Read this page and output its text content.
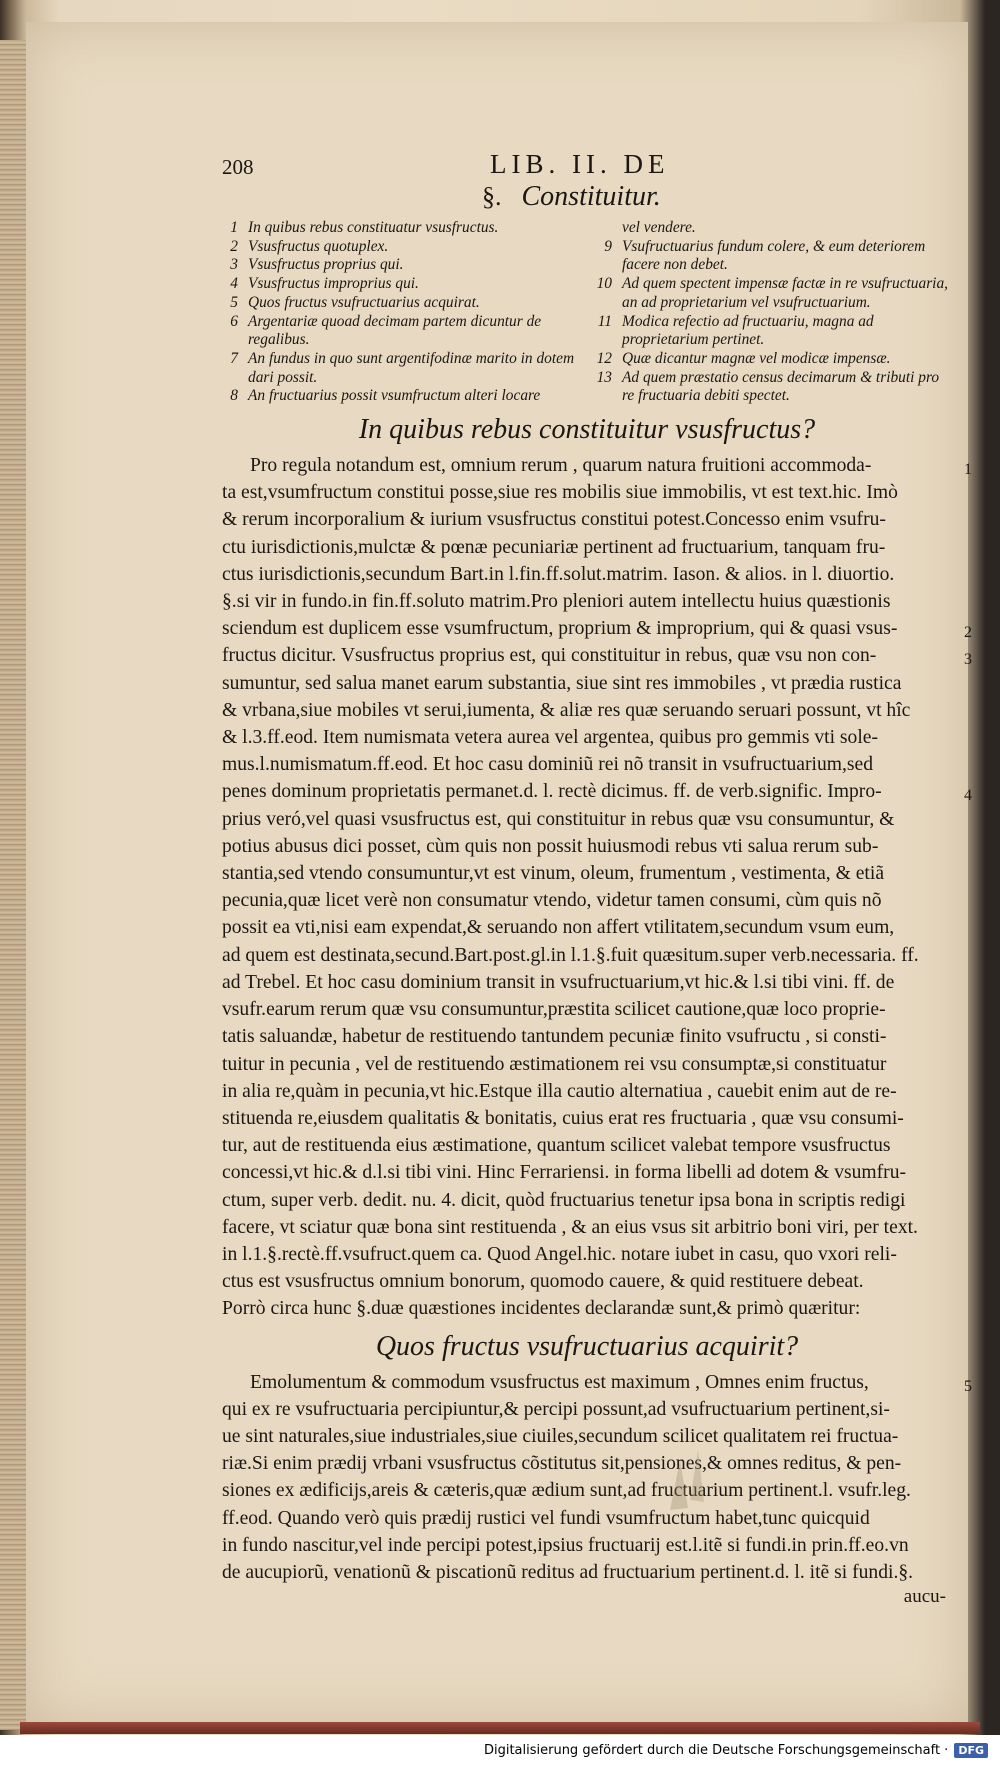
208	LIB. II. DE
§. Constituitur.
1 In quibus rebus constituatur vsusfructus.
2 Vsusfructus quotuplex.
3 Vsusfructus proprius qui.
4 Vsusfructus improprius qui.
5 Quos fructus vsufructuarius acquirat.
6 Argentariæ quoad decimam partem dicuntur de regalibus.
7 An fundus in quo sunt argentifodinæ marito in dotem dari possit.
8 An fructuarius possit vsumfructum alteri locare
vel vendere.
9 Vsufructuarius fundum colere, & eum deteriorem facere non debet.
10 Ad quem spectent impensæ factæ in re vsufructuaria, an ad proprietarium vel vsufructuarium.
11 Modica refectio ad fructuariu, magna ad proprietarium pertinet.
12 Quæ dicantur magnæ vel modicæ impensæ.
13 Ad quem præstatio census decimarum & tributi pro re fructuaria debiti spectet.
In quibus rebus constituitur vsusfructus?
1
2
3
4
Pro regula notandum est, omnium rerum , quarum natura fruitioni accommoda-
ta est,vsumfructum constitui posse,siue res mobilis siue immobilis, vt est text.hic. Imò
& rerum incorporalium & iurium vsusfructus constitui potest.Concesso enim vsufru-
ctu iurisdictionis,mulctæ & pœnæ pecuniariæ pertinent ad fructuarium, tanquam fru-
ctus iurisdictionis,secundum Bart.in l.fin.ff.solut.matrim. Iason. & alios. in l. diuortio.
§.si vir in fundo.in fin.ff.soluto matrim.Pro pleniori autem intellectu huius quæstionis
sciendum est duplicem esse vsumfructum, proprium & improprium, qui & quasi vsus-
fructus dicitur. Vsusfructus proprius est, qui constituitur in rebus, quæ vsu non con-
sumuntur, sed salua manet earum substantia, siue sint res immobiles , vt prædia rustica
& vrbana,siue mobiles vt serui,iumenta, & aliæ res quæ seruando seruari possunt, vt hîc
& l.3.ff.eod. Item numismata vetera aurea vel argentea, quibus pro gemmis vti sole-
mus.l.numismatum.ff.eod. Et hoc casu dominiũ rei nõ transit in vsufructuarium,sed
penes dominum proprietatis permanet.d. l. rectè dicimus. ff. de verb.signific. Impro-
prius veró,vel quasi vsusfructus est, qui constituitur in rebus quæ vsu consumuntur, &
potius abusus dici posset, cùm quis non possit huiusmodi rebus vti salua rerum sub-
stantia,sed vtendo consumuntur,vt est vinum, oleum, frumentum , vestimenta, & etiã
pecunia,quæ licet verè non consumatur vtendo, videtur tamen consumi, cùm quis nõ
possit ea vti,nisi eam expendat,& seruando non affert vtilitatem,secundum vsum eum,
ad quem est destinata,secund.Bart.post.gl.in l.1.§.fuit quæsitum.super verb.necessaria. ff.
ad Trebel. Et hoc casu dominium transit in vsufructuarium,vt hic.& l.si tibi vini. ff. de
vsufr.earum rerum quæ vsu consumuntur,præstita scilicet cautione,quæ loco proprie-
tatis saluandæ, habetur de restituendo tantundem pecuniæ finito vsufructu , si consti-
tuitur in pecunia , vel de restituendo æstimationem rei vsu consumptæ,si constituatur
in alia re,quàm in pecunia,vt hic.Estque illa cautio alternatiua , cauebit enim aut de re-
stituenda re,eiusdem qualitatis & bonitatis, cuius erat res fructuaria , quæ vsu consumi-
tur, aut de restituenda eius æstimatione, quantum scilicet valebat tempore vsusfructus
concessi,vt hic.& d.l.si tibi vini. Hinc Ferrariensi. in forma libelli ad dotem & vsumfru-
ctum, super verb. dedit. nu. 4. dicit, quòd fructuarius tenetur ipsa bona in scriptis redigi
facere, vt sciatur quæ bona sint restituenda , & an eius vsus sit arbitrio boni viri, per text.
in l.1.§.rectè.ff.vsufruct.quem ca. Quod Angel.hic. notare iubet in casu, quo vxori reli-
ctus est vsusfructus omnium bonorum, quomodo cauere, & quid restituere debeat.
Porrò circa hunc §.duæ quæstiones incidentes declarandæ sunt,& primò quæritur:
Quos fructus vsufructuarius acquirit?
5
Emolumentum & commodum vsusfructus est maximum , Omnes enim fructus,
qui ex re vsufructuaria percipiuntur,& percipi possunt,ad vsufructuarium pertinent,si-
ue sint naturales,siue industriales,siue ciuiles,secundum scilicet qualitatem rei fructua-
riæ.Si enim prædij vrbani vsusfructus cõstitutus sit,pensiones,& omnes reditus, & pen-
siones ex ædificijs,areis & cæteris,quæ ædium sunt,ad fructuarium pertinent.l. vsufr.leg.
ff.eod. Quando verò quis prædij rustici vel fundi vsumfructum habet,tunc quicquid
in fundo nascitur,vel inde percipi potest,ipsius fructuarij est.l.itẽ si fundi.in prin.ff.eo.vn
de aucupiorũ, venationũ & piscationũ reditus ad fructuarium pertinent.d. l. itẽ si fundi.§.
aucu-
Digitalisierung gefördert durch die Deutsche Forschungsgemeinschaft · DFG
